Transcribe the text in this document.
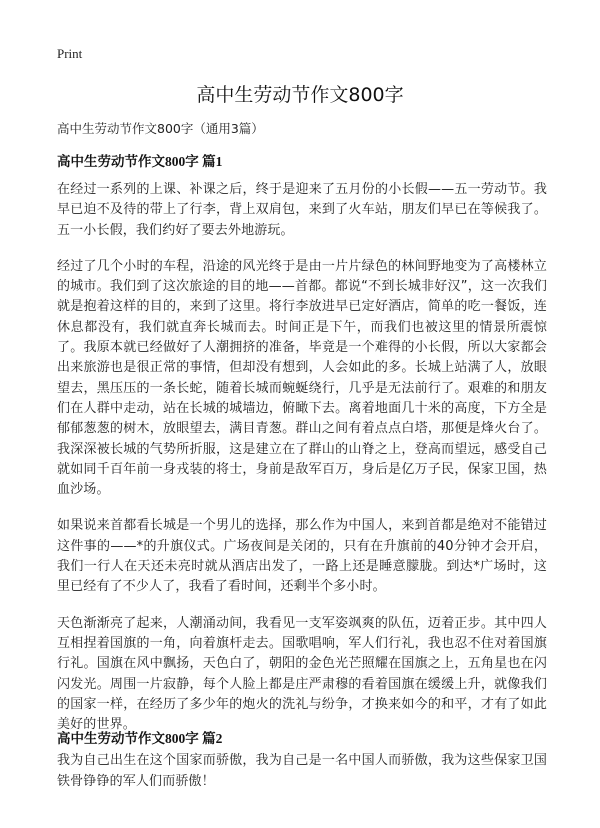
Print
高中生劳动节作文800字
高中生劳动节作文800字（通用3篇）
高中生劳动节作文800字 篇1

在经过一系列的上课、补课之后，终于是迎来了五月份的小长假——五一劳动节。我早已迫不及待的带上了行李，背上双肩包，来到了火车站，朋友们早已在等候我了。五一小长假，我们约好了要去外地游玩。

经过了几个小时的车程，沿途的风光终于是由一片片绿色的林间野地变为了高楼林立的城市。我们到了这次旅途的目的地——首都。都说“不到长城非好汉”，这一次我们就是抱着这样的目的，来到了这里。将行李放进早已定好酒店，简单的吃一餐饭，连休息都没有，我们就直奔长城而去。时间正是下午，而我们也被这里的情景所震惊了。我原本就已经做好了人潮拥挤的准备，毕竟是一个难得的小长假，所以大家都会出来旅游也是很正常的事情，但却没有想到，人会如此的多。长城上站满了人，放眼望去，黑压压的一条长蛇，随着长城而蜿蜒绕行，几乎是无法前行了。艰难的和朋友们在人群中走动，站在长城的城墙边，俯瞰下去。离着地面几十米的高度，下方全是郁郁葱葱的树木，放眼望去，满目青葱。群山之间有着点点白塔，那便是烽火台了。我深深被长城的气势所折服，这是建立在了群山的山脊之上，登高而望远，感受自己就如同千百年前一身戎装的将士，身前是敌军百万，身后是亿万子民，保家卫国，热血沙场。

如果说来首都看长城是一个男儿的选择，那么作为中国人，来到首都是绝对不能错过这件事的——*的升旗仪式。广场夜间是关闭的，只有在升旗前的40分钟才会开启，我们一行人在天还未亮时就从酒店出发了，一路上还是睡意朦胧。到达*广场时，这里已经有了不少人了，我看了看时间，还剩半个多小时。

天色渐渐亮了起来，人潮涌动间，我看见一支军姿飒爽的队伍，迈着正步。其中四人互相捏着国旗的一角，向着旗杆走去。国歌唱响，军人们行礼，我也忍不住对着国旗行礼。国旗在风中飘扬，天色白了，朝阳的金色光芒照耀在国旗之上，五角星也在闪闪发光。周围一片寂静，每个人脸上都是庄严肃穆的看着国旗在缓缓上升，就像我们的国家一样，在经历了多少年的炮火的洗礼与纷争，才换来如今的和平，才有了如此美好的世界。

我为自己出生在这个国家而骄傲，我为自己是一名中国人而骄傲，我为这些保家卫国铁骨铮铮的军人们而骄傲！

高中生劳动节作文800字 篇2
